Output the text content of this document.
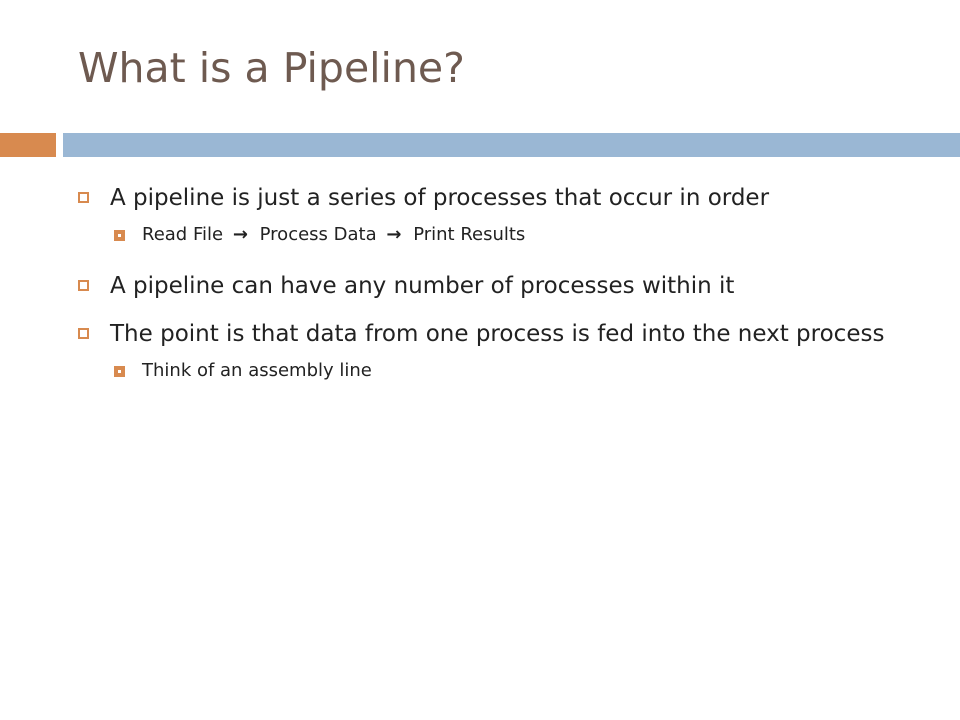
What is a Pipeline?
A pipeline is just a series of processes that occur in order
Read File → Process Data → Print Results
A pipeline can have any number of processes within it
The point is that data from one process is fed into the next process
Think of an assembly line
